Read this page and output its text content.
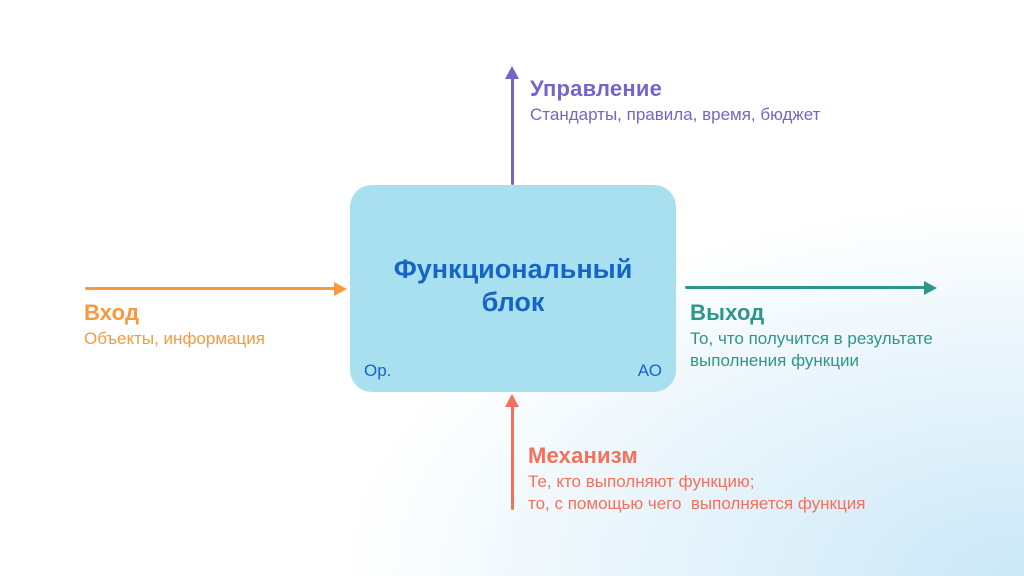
Управление
Стандарты, правила, время, бюджет
Вход
Объекты, информация
Выход
То, что получится в результате
выполнения функции
Механизм
Те, кто выполняют функцию;
то, с помощью чего  выполняется функция
Функциональный блок
Ор.	АО
